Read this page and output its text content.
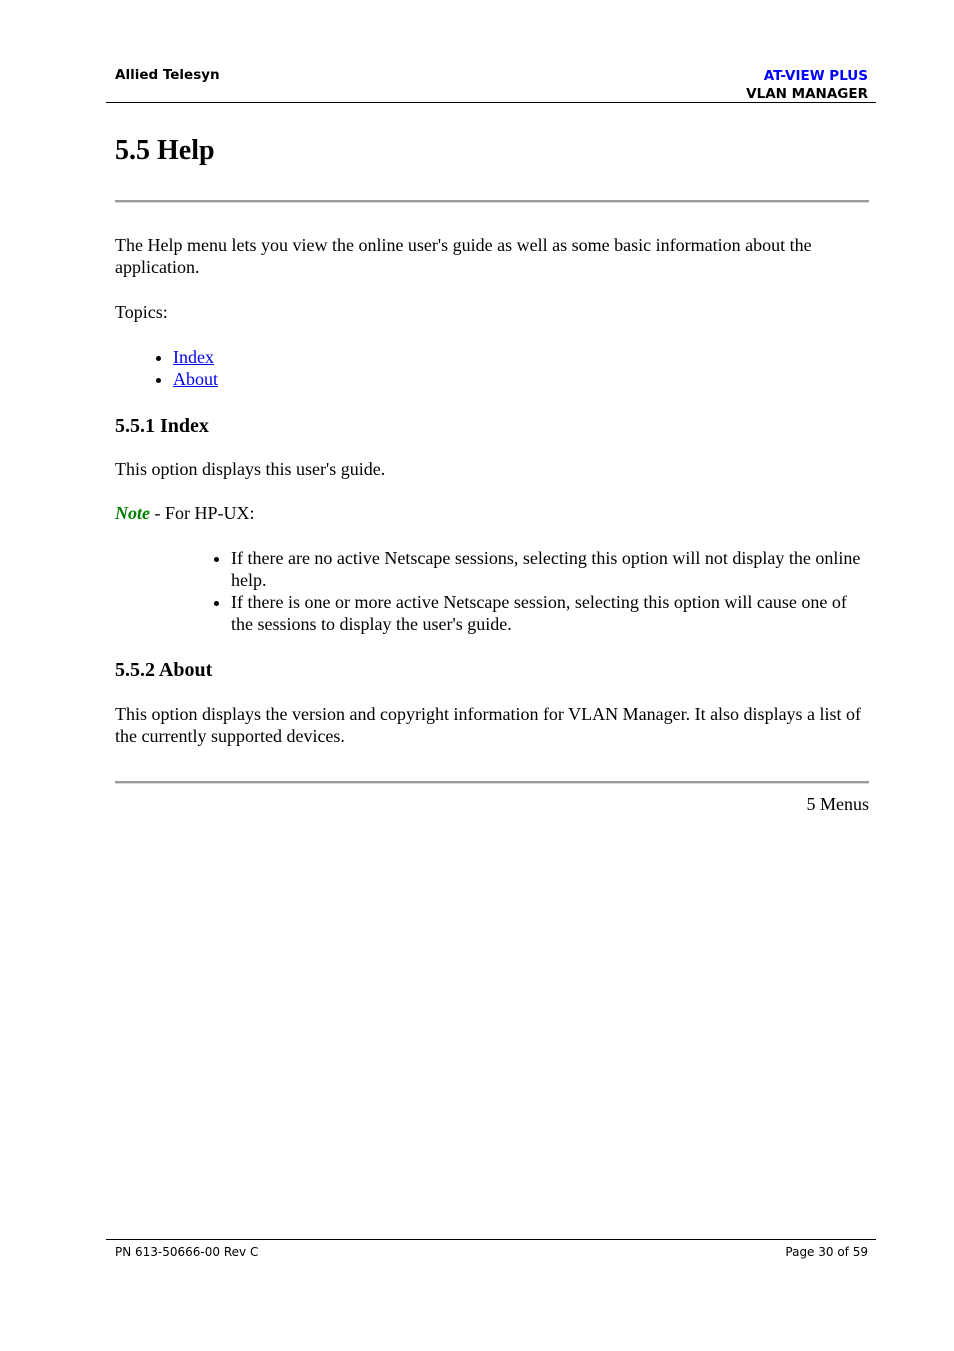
Allied Telesyn	AT-VIEW PLUS
VLAN MANAGER
5.5 Help

The Help menu lets you view the online user's guide as well as some basic information about the application.

Topics:

• Index
• About
5.5.1 Index

This option displays this user's guide.

Note - For HP-UX:

• If there are no active Netscape sessions, selecting this option will not display the online help.
• If there is one or more active Netscape session, selecting this option will cause one of the sessions to display the user's guide.
5.5.2 About

This option displays the version and copyright information for VLAN Manager. It also displays a list of the currently supported devices.

5 Menus
PN 613-50666-00 Rev C	Page 30 of 59
